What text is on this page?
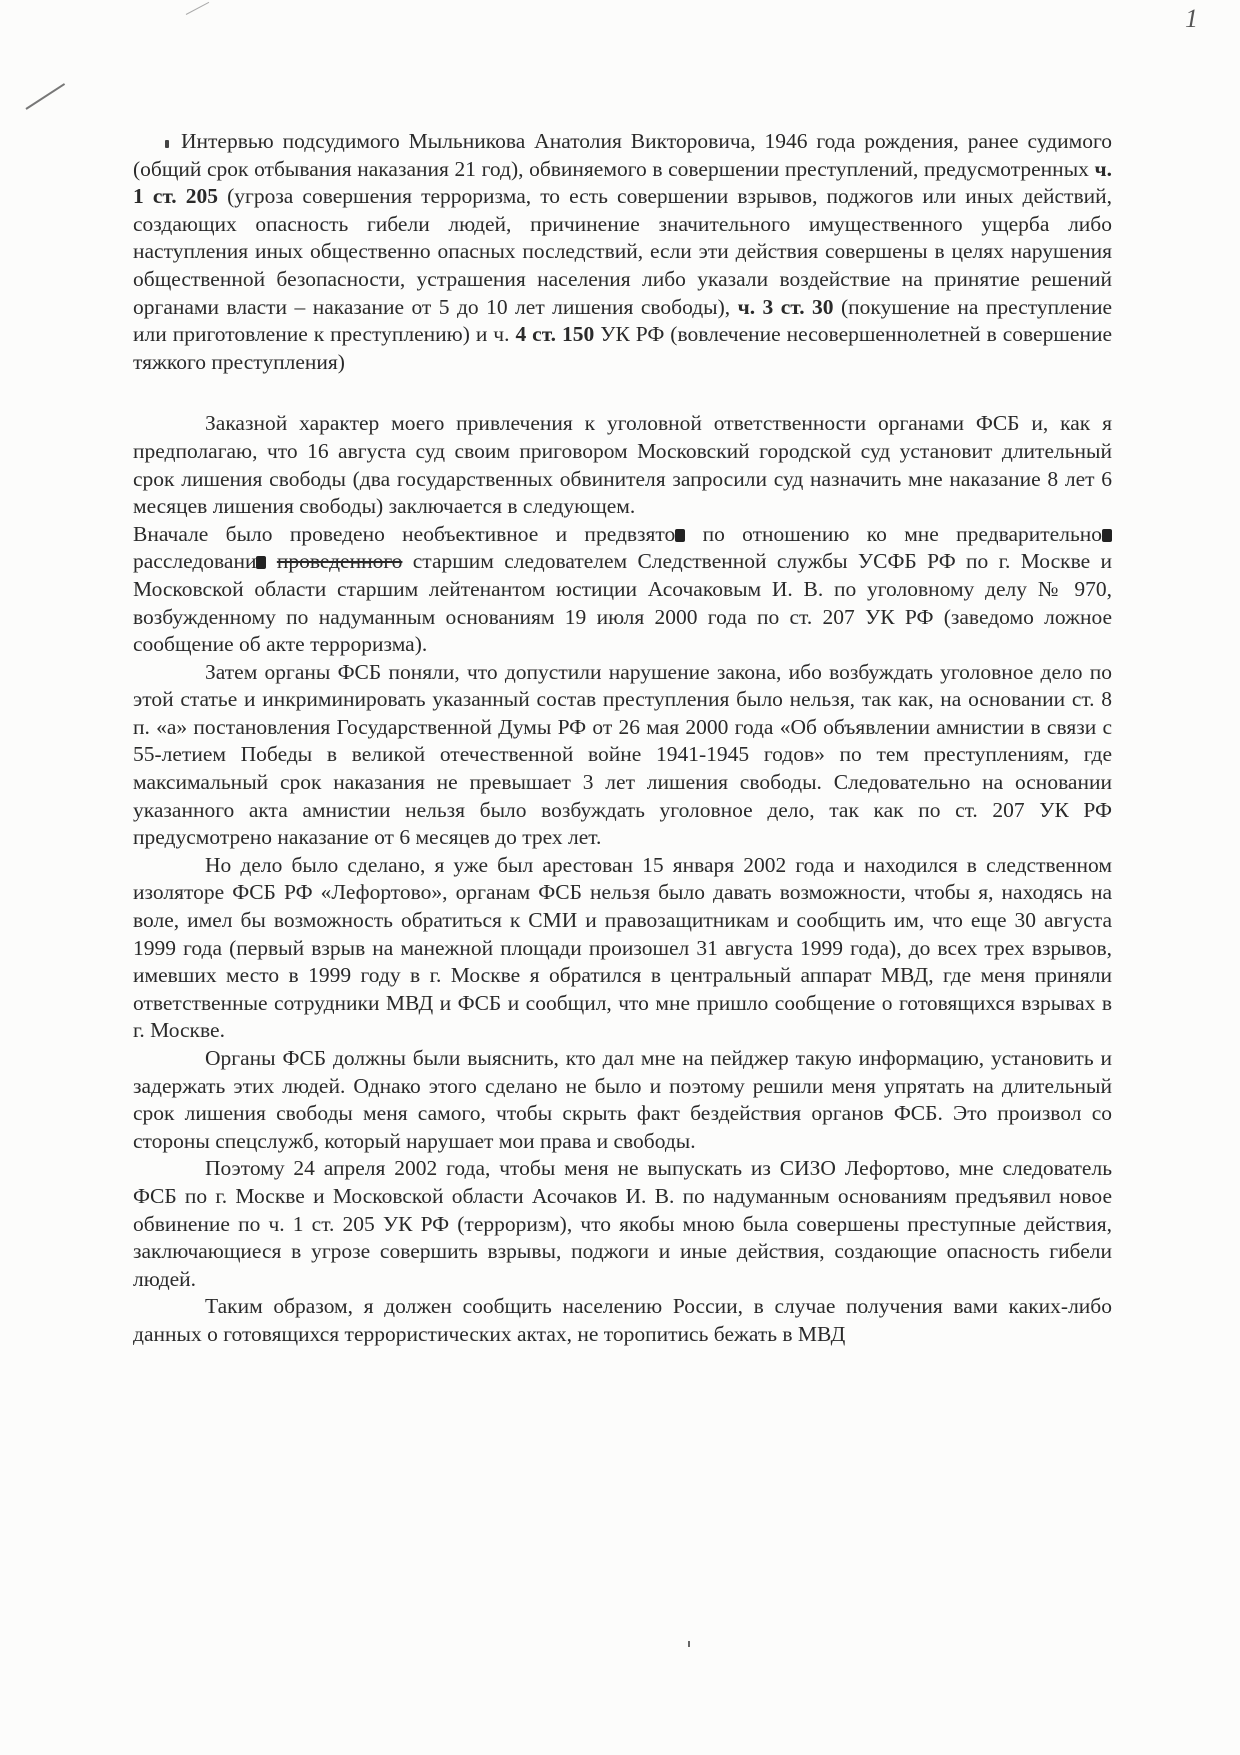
1

Интервью подсудимого Мыльникова Анатолия Викторовича, 1946 года рождения, ранее судимого (общий срок отбывания наказания 21 год), обвиняемого в совершении преступлений, предусмотренных ч. 1 ст. 205 (угроза совершения терроризма, то есть совершении взрывов, поджогов или иных действий, создающих опасность гибели людей, причинение значительного имущественного ущерба либо наступления иных общественно опасных последствий, если эти действия совершены в целях нарушения общественной безопасности, устрашения населения либо указали воздействие на принятие решений органами власти – наказание от 5 до 10 лет лишения свободы), ч. 3 ст. 30 (покушение на преступление или приготовление к преступлению) и ч. 4 ст. 150 УК РФ (вовлечение несовершеннолетней в совершение тяжкого преступления)

Заказной характер моего привлечения к уголовной ответственности органами ФСБ и, как я предполагаю, что 16 августа суд своим приговором Московский городской суд установит длительный срок лишения свободы (два государственных обвинителя запросили суд назначить мне наказание 8 лет 6 месяцев лишения свободы) заключается в следующем.

Вначале было проведено необъективное и предвзято по отношению ко мне предварительно расследовани проведенного старшим следователем Следственной службы УСФБ РФ по г. Москве и Московской области старшим лейтенантом юстиции Асочаковым И. В. по уголовному делу № 970, возбужденному по надуманным основаниям 19 июля 2000 года по ст. 207 УК РФ (заведомо ложное сообщение об акте терроризма).

Затем органы ФСБ поняли, что допустили нарушение закона, ибо возбуждать уголовное дело по этой статье и инкриминировать указанный состав преступления было нельзя, так как, на основании ст. 8 п. «а» постановления Государственной Думы РФ от 26 мая 2000 года «Об объявлении амнистии в связи с 55-летием Победы в великой отечественной войне 1941-1945 годов» по тем преступлениям, где максимальный срок наказания не превышает 3 лет лишения свободы. Следовательно на основании указанного акта амнистии нельзя было возбуждать уголовное дело, так как по ст. 207 УК РФ предусмотрено наказание от 6 месяцев до трех лет.

Но дело было сделано, я уже был арестован 15 января 2002 года и находился в следственном изоляторе ФСБ РФ «Лефортово», органам ФСБ нельзя было давать возможности, чтобы я, находясь на воле, имел бы возможность обратиться к СМИ и правозащитникам и сообщить им, что еще 30 августа 1999 года (первый взрыв на манежной площади произошел 31 августа 1999 года), до всех трех взрывов, имевших место в 1999 году в г. Москве я обратился в центральный аппарат МВД, где меня приняли ответственные сотрудники МВД и ФСБ и сообщил, что мне пришло сообщение о готовящихся взрывах в г. Москве.

Органы ФСБ должны были выяснить, кто дал мне на пейджер такую информацию, установить и задержать этих людей. Однако этого сделано не было и поэтому решили меня упрятать на длительный срок лишения свободы меня самого, чтобы скрыть факт бездействия органов ФСБ. Это произвол со стороны спецслужб, который нарушает мои права и свободы.

Поэтому 24 апреля 2002 года, чтобы меня не выпускать из СИЗО Лефортово, мне следователь ФСБ по г. Москве и Московской области Асочаков И. В. по надуманным основаниям предъявил новое обвинение по ч. 1 ст. 205 УК РФ (терроризм), что якобы мною была совершены преступные действия, заключающиеся в угрозе совершить взрывы, поджоги и иные действия, создающие опасность гибели людей.

Таким образом, я должен сообщить населению России, в случае получения вами каких-либо данных о готовящихся террористических актах, не торопитись бежать в МВД
